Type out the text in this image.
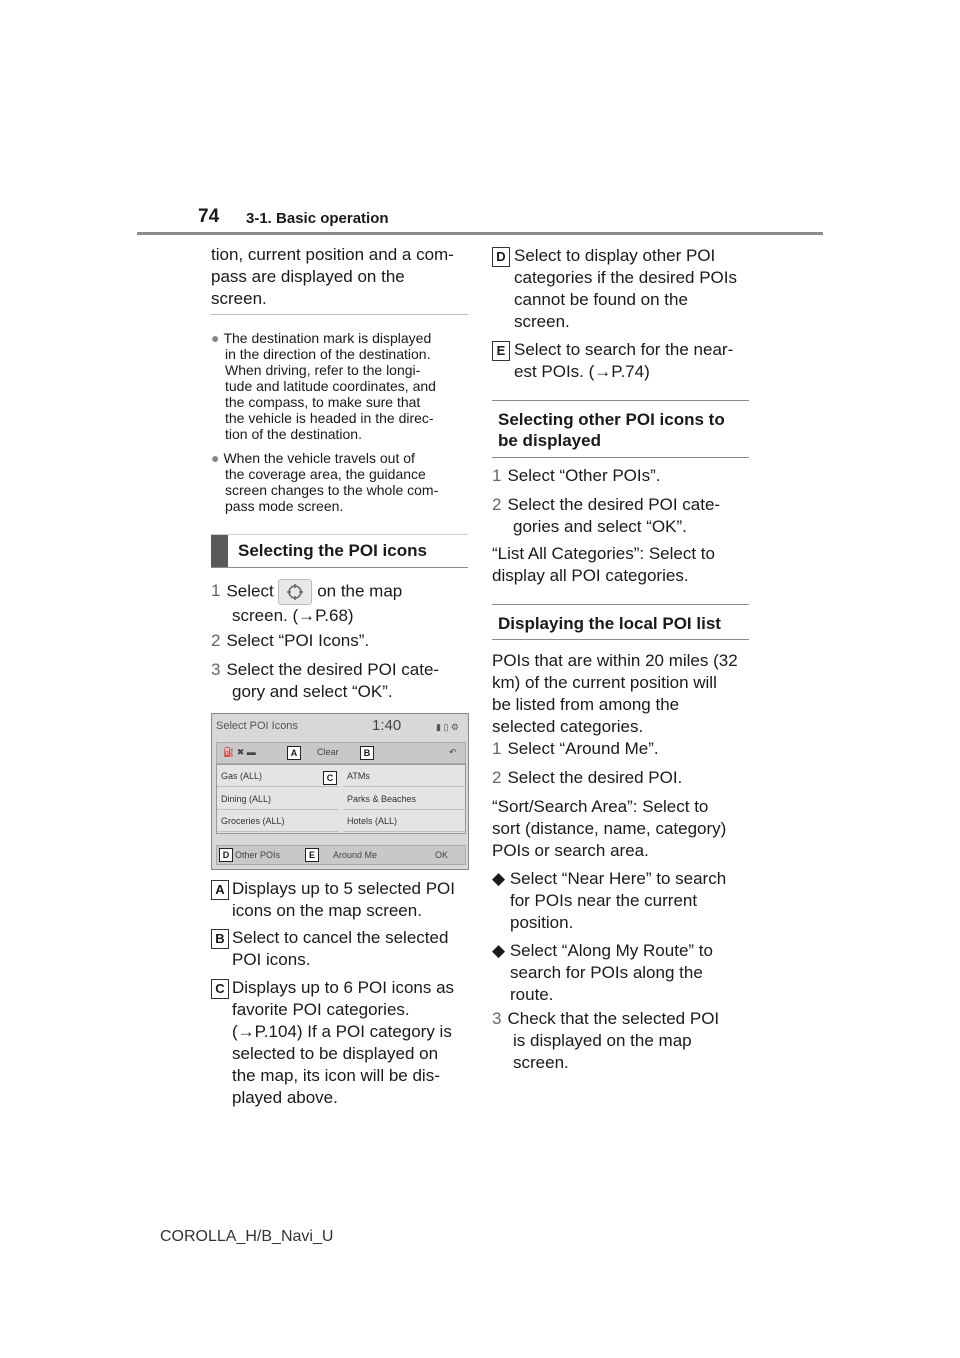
74 3-1. Basic operation
tion, current position and a com-
pass are displayed on the
screen.
● The destination mark is displayed
in the direction of the destination.
When driving, refer to the longi-
tude and latitude coordinates, and
the compass, to make sure that
the vehicle is headed in the direc-
tion of the destination.
● When the vehicle travels out of
the coverage area, the guidance
screen changes to the whole com-
pass mode screen.
Selecting the POI icons
1 Select	on the map
screen. (→P.68)
2 Select “POI Icons”.
3 Select the desired POI cate-
gory and select “OK”.
Select POI Icons	1:40	▮ ▯ ⚙
⛽ ✖ ▬	A	Clear	B	↶
Gas (ALL)	ATMs
Dining (ALL)	Parks & Beaches
Groceries (ALL)	Hotels (ALL)
C
D Other POIs	E	Around Me	OK
A Displays up to 5 selected POI
icons on the map screen.
B Select to cancel the selected
POI icons.
C Displays up to 6 POI icons as
favorite POI categories.
(→P.104) If a POI category is
selected to be displayed on
the map, its icon will be dis-
played above.
D Select to display other POI
categories if the desired POIs
cannot be found on the
screen.
E Select to search for the near-
est POIs. (→P.74)
Selecting other POI icons to
be displayed
1 Select “Other POIs”.
2 Select the desired POI cate-
gories and select “OK”.
“List All Categories”: Select to
display all POI categories.
Displaying the local POI list
POIs that are within 20 miles (32
km) of the current position will
be listed from among the
selected categories.
1 Select “Around Me”.
2 Select the desired POI.
“Sort/Search Area”: Select to
sort (distance, name, category)
POIs or search area.
◆ Select “Near Here” to search
for POIs near the current
position.
◆ Select “Along My Route” to
search for POIs along the
route.
3 Check that the selected POI
is displayed on the map
screen.
COROLLA_H/B_Navi_U
